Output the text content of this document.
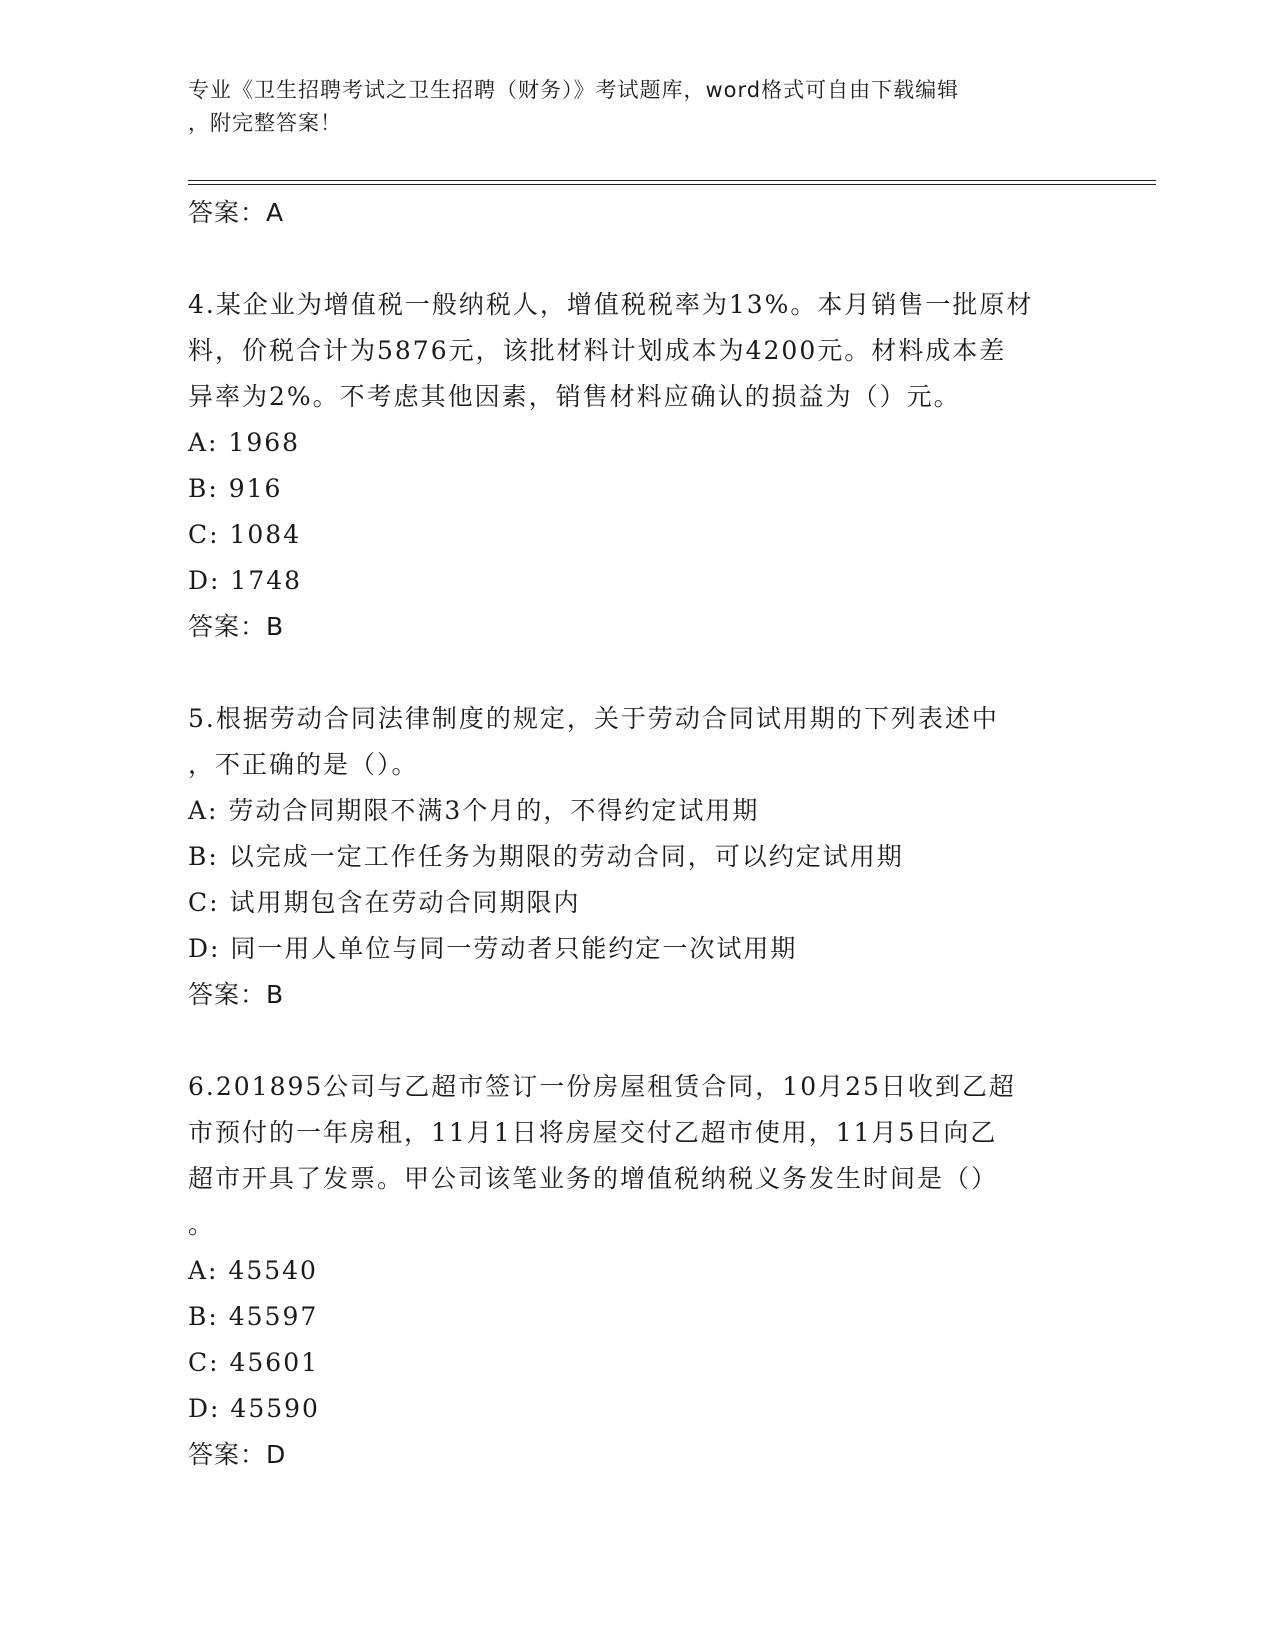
专业《卫生招聘考试之卫生招聘（财务）》考试题库，word格式可自由下载编辑
，附完整答案！
答案：A
4.某企业为增值税一般纳税人，增值税税率为13%。本月销售一批原材
料，价税合计为5876元，该批材料计划成本为4200元。材料成本差
异率为2%。不考虑其他因素，销售材料应确认的损益为（）元。
A: 1968
B: 916
C: 1084
D: 1748
答案：B
5.根据劳动合同法律制度的规定，关于劳动合同试用期的下列表述中
，不正确的是（）。
A: 劳动合同期限不满3个月的，不得约定试用期
B: 以完成一定工作任务为期限的劳动合同，可以约定试用期
C: 试用期包含在劳动合同期限内
D: 同一用人单位与同一劳动者只能约定一次试用期
答案：B
6.201895公司与乙超市签订一份房屋租赁合同，10月25日收到乙超
市预付的一年房租，11月1日将房屋交付乙超市使用，11月5日向乙
超市开具了发票。甲公司该笔业务的增值税纳税义务发生时间是（）
。
A: 45540
B: 45597
C: 45601
D: 45590
答案：D
